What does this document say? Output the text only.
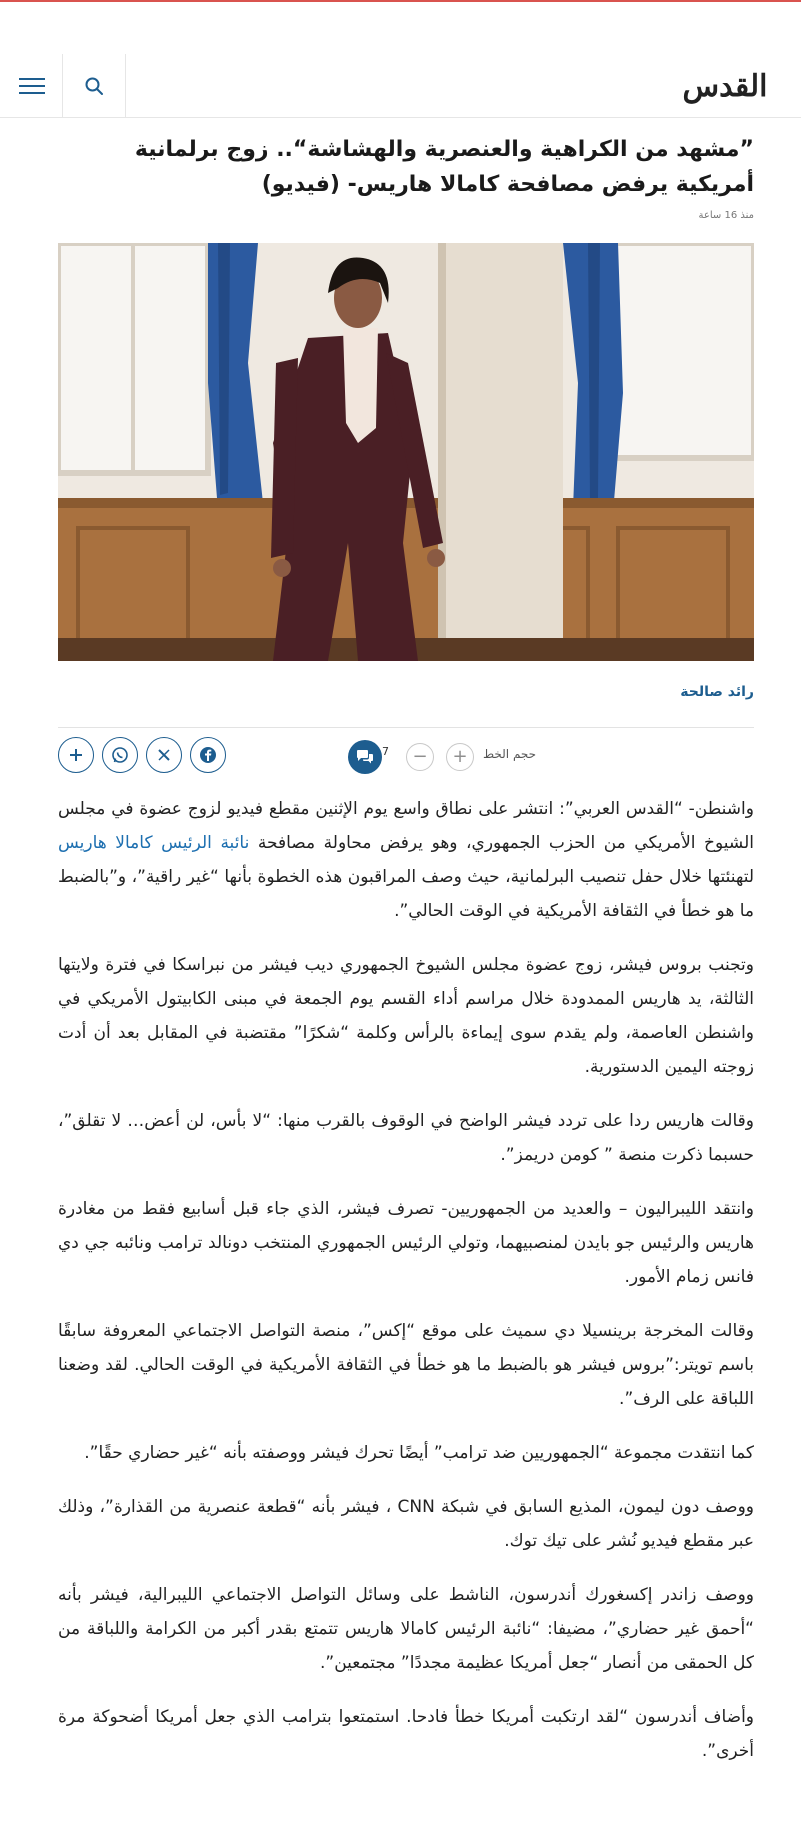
القدس
”مشهد من الكراهية والعنصرية والهشاشة“.. زوج برلمانية أمريكية يرفض مصافحة كامالا هاريس- (فيديو)
منذ 16 ساعة
رائد صالحة
7 − + حجم الخط

واشنطن- “القدس العربي”: انتشر على نطاق واسع يوم الإثنين مقطع فيديو لزوج عضوة في مجلس الشيوخ الأمريكي من الحزب الجمهوري، وهو يرفض محاولة مصافحة نائبة الرئيس كامالا هاريس لتهنئتها خلال حفل تنصيب البرلمانية، حيث وصف المراقبون هذه الخطوة بأنها “غير راقية”، و”بالضبط ما هو خطأ في الثقافة الأمريكية في الوقت الحالي”.

وتجنب بروس فيشر، زوج عضوة مجلس الشيوخ الجمهوري ديب فيشر من نبراسكا في فترة ولايتها الثالثة، يد هاريس الممدودة خلال مراسم أداء القسم يوم الجمعة في مبنى الكابيتول الأمريكي في واشنطن العاصمة، ولم يقدم سوى إيماءة بالرأس وكلمة “شكرًا” مقتضبة في المقابل بعد أن أدت زوجته اليمين الدستورية.

وقالت هاريس ردا على تردد فيشر الواضح في الوقوف بالقرب منها: “لا بأس، لن أعض… لا تقلق”، حسبما ذكرت منصة ” كومن دريمز”.

وانتقد الليبراليون – والعديد من الجمهوريين- تصرف فيشر، الذي جاء قبل أسابيع فقط من مغادرة هاريس والرئيس جو بايدن لمنصبيهما، وتولي الرئيس الجمهوري المنتخب دونالد ترامب ونائبه جي دي فانس زمام الأمور.

وقالت المخرجة برينسيلا دي سميث على موقع “إكس”، منصة التواصل الاجتماعي المعروفة سابقًا باسم تويتر:”بروس فيشر هو بالضبط ما هو خطأ في الثقافة الأمريكية في الوقت الحالي. لقد وضعنا اللباقة على الرف”.

كما انتقدت مجموعة “الجمهوريين ضد ترامب” أيضًا تحرك فيشر ووصفته بأنه “غير حضاري حقًا”.

ووصف دون ليمون، المذيع السابق في شبكة CNN ، فيشر بأنه “قطعة عنصرية من القذارة”، وذلك عبر مقطع فيديو نُشر على تيك توك.

ووصف زاندر إكسغورك أندرسون، الناشط على وسائل التواصل الاجتماعي الليبرالية، فيشر بأنه “أحمق غير حضاري”، مضيفا: “نائبة الرئيس كامالا هاريس تتمتع بقدر أكبر من الكرامة واللباقة من كل الحمقى من أنصار “جعل أمريكا عظيمة مجددًا” مجتمعين”.

وأضاف أندرسون “لقد ارتكبت أمريكا خطأ فادحا. استمتعوا بترامب الذي جعل أمريكا أضحوكة مرة أخرى”.
